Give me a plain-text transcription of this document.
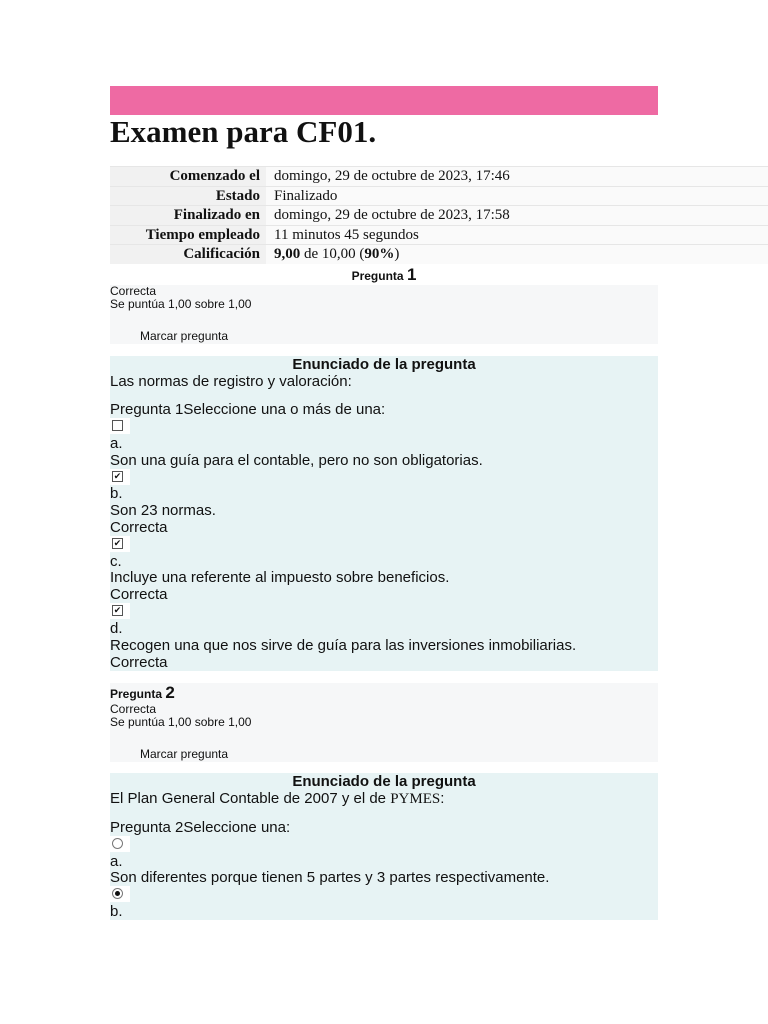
Examen para CF01.
Comenzado el	domingo, 29 de octubre de 2023, 17:46
Estado	Finalizado
Finalizado en	domingo, 29 de octubre de 2023, 17:58
Tiempo empleado	11 minutos 45 segundos
Calificación	9,00 de 10,00 (90%)
Pregunta 1
Correcta
Se puntúa 1,00 sobre 1,00
Marcar pregunta
Enunciado de la pregunta
Las normas de registro y valoración:
Pregunta 1Seleccione una o más de una:
a.
Son una guía para el contable, pero no son obligatorias.
✔
b.
Son 23 normas.
Correcta
✔
c.
Incluye una referente al impuesto sobre beneficios.
Correcta
✔
d.
Recogen una que nos sirve de guía para las inversiones inmobiliarias.
Correcta
Pregunta 2
Correcta
Se puntúa 1,00 sobre 1,00
Marcar pregunta
Enunciado de la pregunta
El Plan General Contable de 2007 y el de PYMES:
Pregunta 2Seleccione una:
a.
Son diferentes porque tienen 5 partes y 3 partes respectivamente.
b.
